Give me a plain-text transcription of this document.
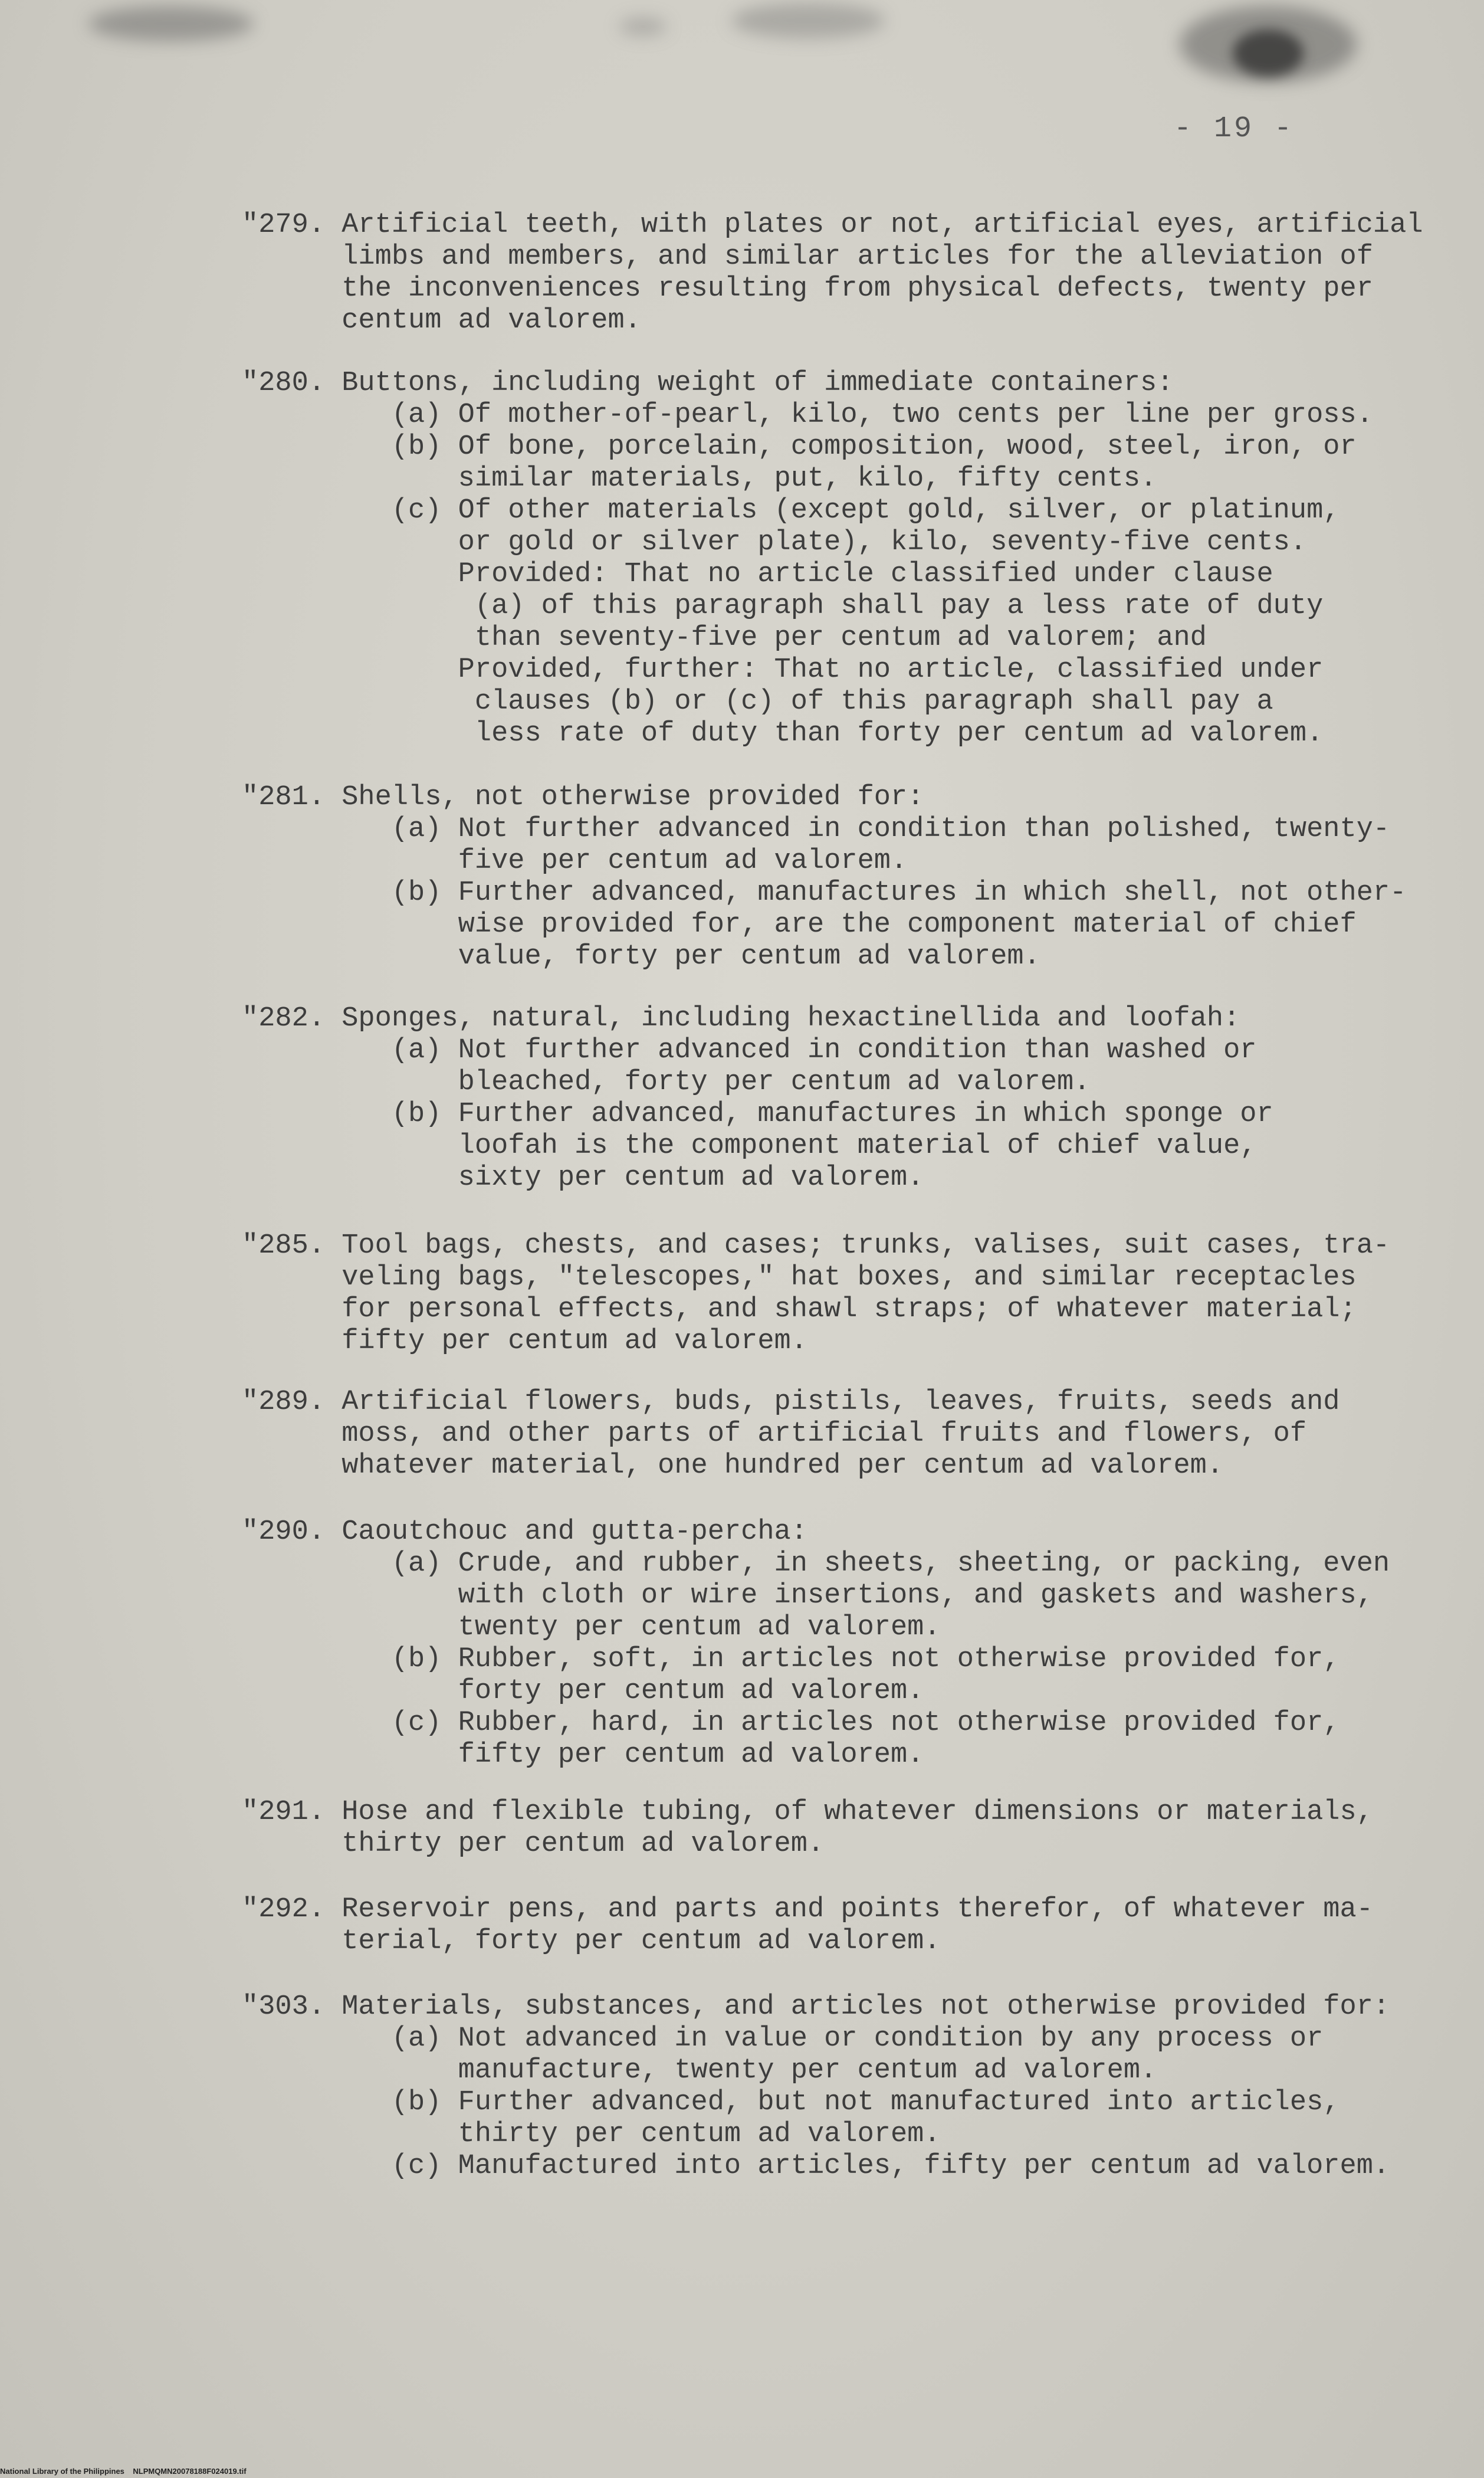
- 19 -
"279. Artificial teeth, with plates or not, artificial eyes, artificial
limbs and members, and similar articles for the alleviation of
the inconveniences resulting from physical defects, twenty per
centum ad valorem.
"280. Buttons, including weight of immediate containers:
(a) Of mother-of-pearl, kilo, two cents per line per gross.
(b) Of bone, porcelain, composition, wood, steel, iron, or
similar materials, put, kilo, fifty cents.
(c) Of other materials (except gold, silver, or platinum,
or gold or silver plate), kilo, seventy-five cents.
Provided: That no article classified under clause
(a) of this paragraph shall pay a less rate of duty
than seventy-five per centum ad valorem; and
Provided, further: That no article, classified under
clauses (b) or (c) of this paragraph shall pay a
less rate of duty than forty per centum ad valorem.
"281. Shells, not otherwise provided for:
(a) Not further advanced in condition than polished, twenty-
five per centum ad valorem.
(b) Further advanced, manufactures in which shell, not other-
wise provided for, are the component material of chief
value, forty per centum ad valorem.
"282. Sponges, natural, including hexactinellida and loofah:
(a) Not further advanced in condition than washed or
bleached, forty per centum ad valorem.
(b) Further advanced, manufactures in which sponge or
loofah is the component material of chief value,
sixty per centum ad valorem.
"285. Tool bags, chests, and cases; trunks, valises, suit cases, tra-
veling bags, "telescopes," hat boxes, and similar receptacles
for personal effects, and shawl straps; of whatever material;
fifty per centum ad valorem.
"289. Artificial flowers, buds, pistils, leaves, fruits, seeds and
moss, and other parts of artificial fruits and flowers, of
whatever material, one hundred per centum ad valorem.
"290. Caoutchouc and gutta-percha:
(a) Crude, and rubber, in sheets, sheeting, or packing, even
with cloth or wire insertions, and gaskets and washers,
twenty per centum ad valorem.
(b) Rubber, soft, in articles not otherwise provided for,
forty per centum ad valorem.
(c) Rubber, hard, in articles not otherwise provided for,
fifty per centum ad valorem.
"291. Hose and flexible tubing, of whatever dimensions or materials,
thirty per centum ad valorem.
"292. Reservoir pens, and parts and points therefor, of whatever ma-
terial, forty per centum ad valorem.
"303. Materials, substances, and articles not otherwise provided for:
(a) Not advanced in value or condition by any process or
manufacture, twenty per centum ad valorem.
(b) Further advanced, but not manufactured into articles,
thirty per centum ad valorem.
(c) Manufactured into articles, fifty per centum ad valorem.
National Library of the Philippines    NLPMQMN20078188F024019.tif
